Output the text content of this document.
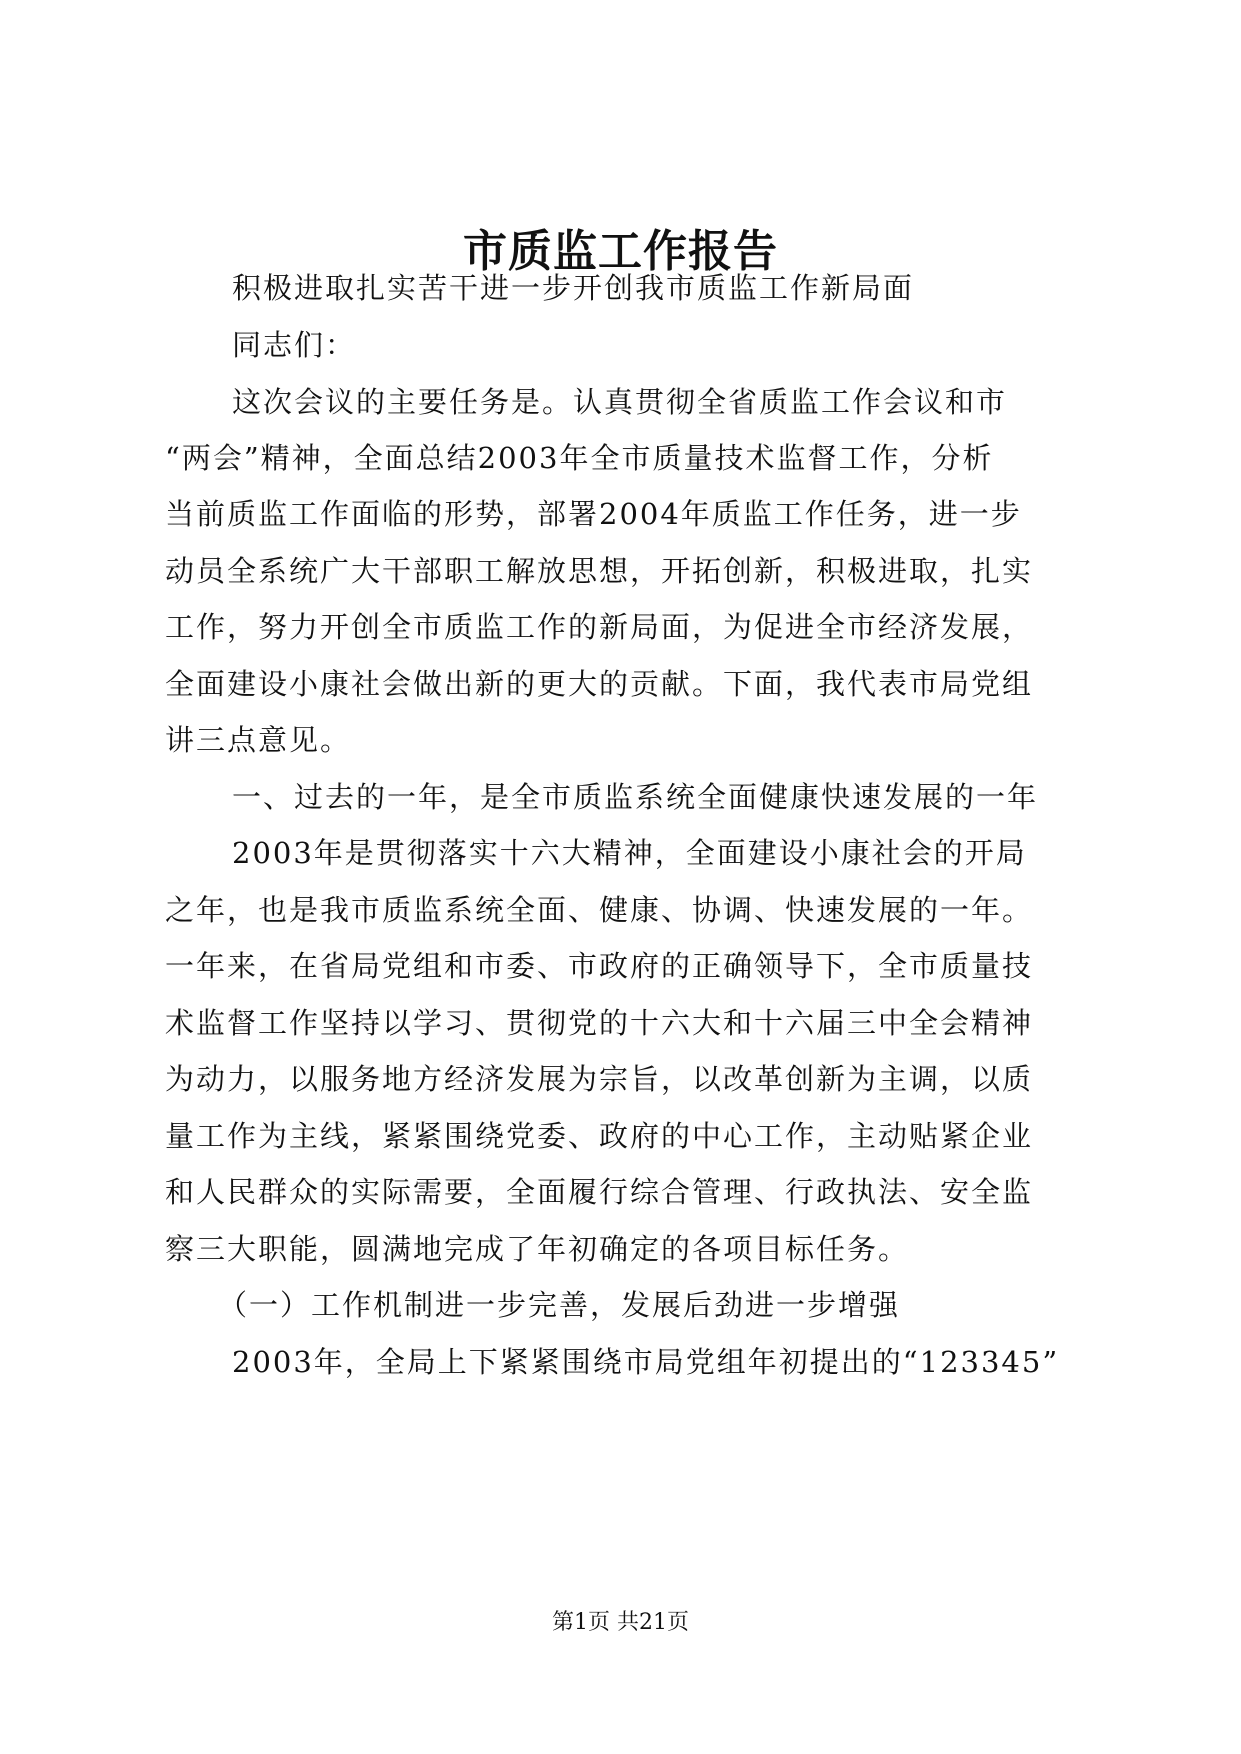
市质监工作报告
积极进取扎实苦干进一步开创我市质监工作新局面
同志们：
这次会议的主要任务是。认真贯彻全省质监工作会议和市
“两会”精神，全面总结2003年全市质量技术监督工作，分析
当前质监工作面临的形势，部署2004年质监工作任务，进一步
动员全系统广大干部职工解放思想，开拓创新，积极进取，扎实
工作，努力开创全市质监工作的新局面，为促进全市经济发展，
全面建设小康社会做出新的更大的贡献。下面，我代表市局党组
讲三点意见。
一、过去的一年，是全市质监系统全面健康快速发展的一年
2003年是贯彻落实十六大精神，全面建设小康社会的开局
之年，也是我市质监系统全面、健康、协调、快速发展的一年。
一年来，在省局党组和市委、市政府的正确领导下，全市质量技
术监督工作坚持以学习、贯彻党的十六大和十六届三中全会精神
为动力，以服务地方经济发展为宗旨，以改革创新为主调，以质
量工作为主线，紧紧围绕党委、政府的中心工作，主动贴紧企业
和人民群众的实际需要，全面履行综合管理、行政执法、安全监
察三大职能，圆满地完成了年初确定的各项目标任务。
（一）工作机制进一步完善，发展后劲进一步增强
2003年，全局上下紧紧围绕市局党组年初提出的“123345”
第1页 共21页
